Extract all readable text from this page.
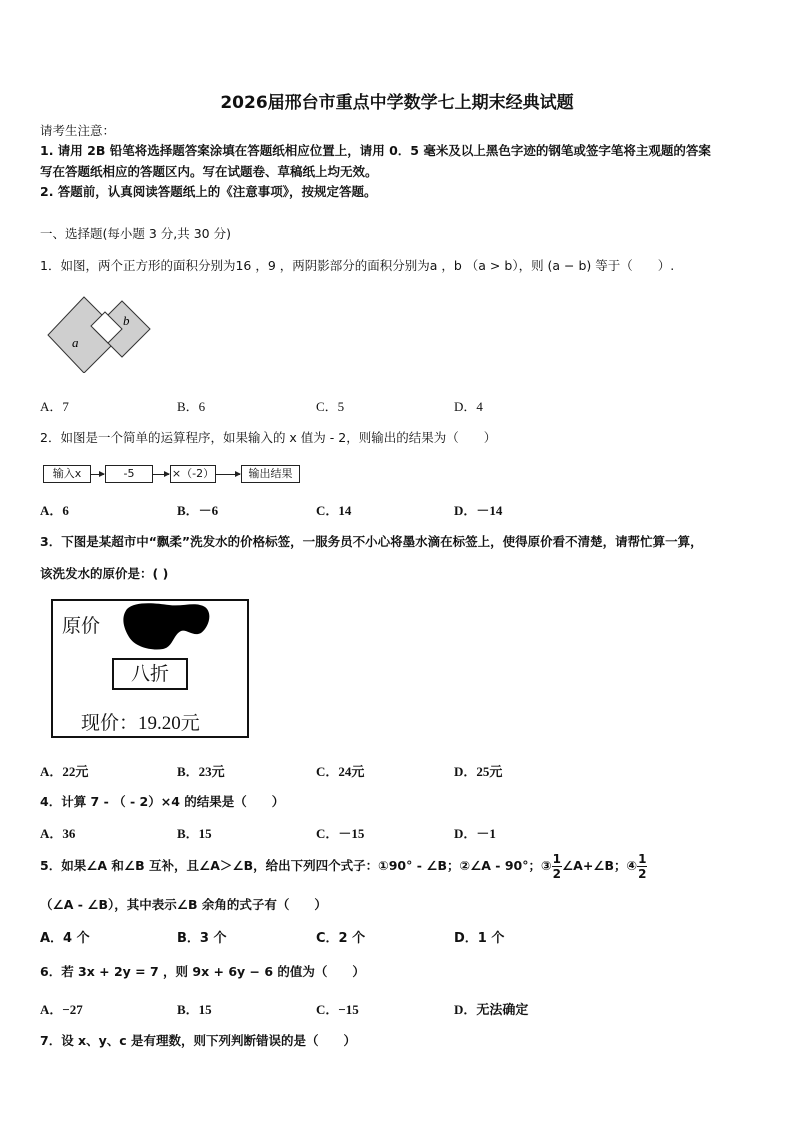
2026届邢台市重点中学数学七上期末经典试题
请考生注意：
1. 请用 2B 铅笔将选择题答案涂填在答题纸相应位置上，请用 0．5 毫米及以上黑色字迹的钢笔或签字笔将主观题的答案
写在答题纸相应的答题区内。写在试题卷、草稿纸上均无效。
2. 答题前，认真阅读答题纸上的《注意事项》，按规定答题。
一、选择题(每小题 3 分,共 30 分)
1．如图，两个正方形的面积分别为16 ，9 ，两阴影部分的面积分别为a ，b （a > b），则 (a − b) 等于（　　）.
a
b
A．7	B．6	C．5	D．4
2．如图是一个简单的运算程序，如果输入的 x 值为 - 2，则输出的结果为（　　）
输入x	-5	×（-2）	输出结果
A．6	B．－6	C．14	D．－14
3．下图是某超市中“飘柔”洗发水的价格标签，一服务员不小心将墨水滴在标签上，使得原价看不清楚，请帮忙算一算，
该洗发水的原价是：( )
原价
八折
现价：19.20元
A．22元	B．23元	C．24元	D．25元
4．计算 7 - （ - 2）×4 的结果是（　　）
A．36	B．15	C．－15	D．－1
5．如果∠A 和∠B 互补，且∠A＞∠B，给出下列四个式子：①90° - ∠B；②∠A - 90°；③ $\frac{1}{2}$ ∠A+∠B；④ $\frac{1}{2}$
（∠A - ∠B），其中表示∠B 余角的式子有（　　）
A．4 个	B．3 个	C．2 个	D．1 个
6．若 3x + 2y = 7 ，则 9x + 6y − 6 的值为（　　）
A．−27	B．15	C．−15	D．无法确定
7．设 x、y、c 是有理数，则下列判断错误的是（　　）
